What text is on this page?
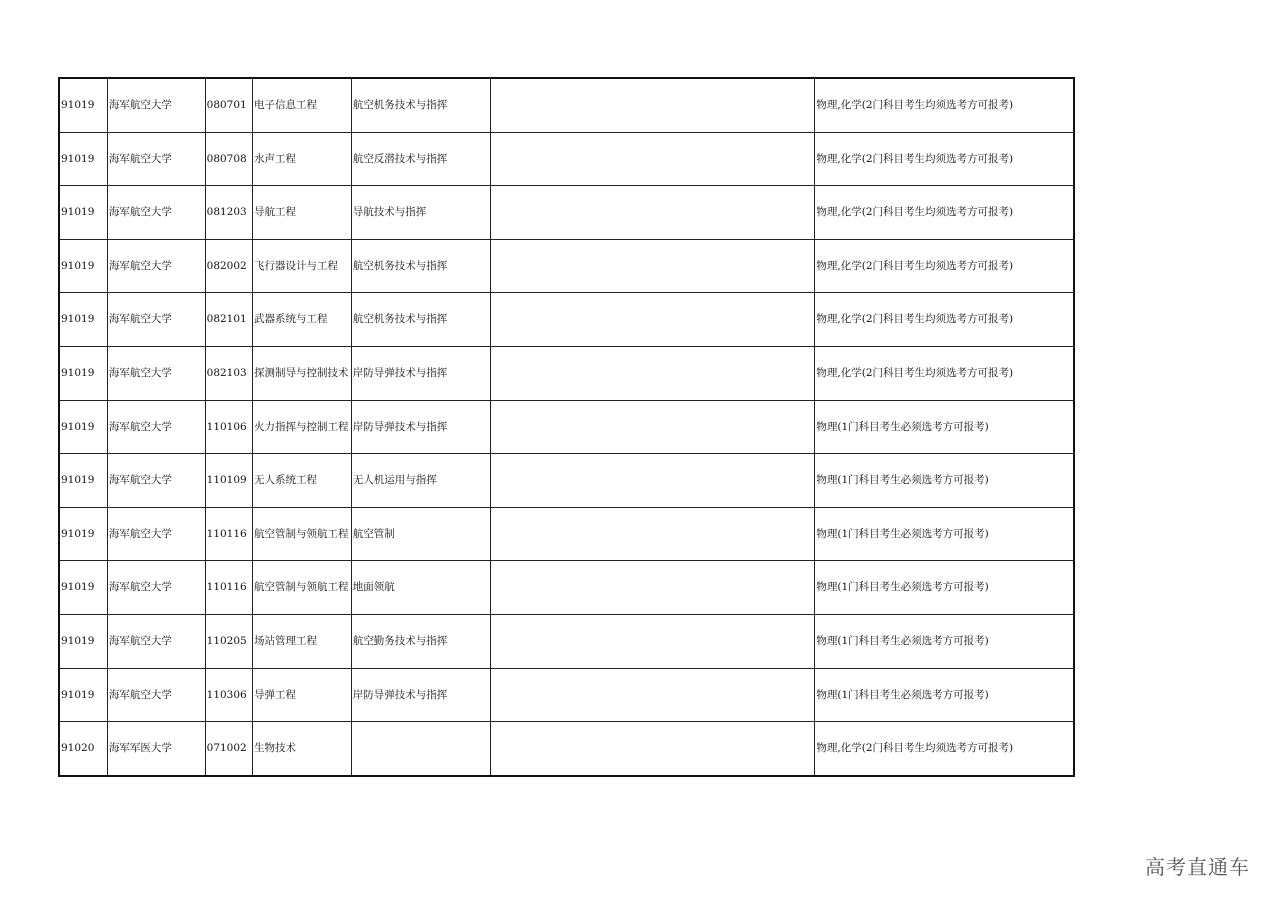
91019	海军航空大学	080701	电子信息工程	航空机务技术与指挥		物理,化学(2门科目考生均须选考方可报考)
91019	海军航空大学	080708	水声工程	航空反潜技术与指挥		物理,化学(2门科目考生均须选考方可报考)
91019	海军航空大学	081203	导航工程	导航技术与指挥		物理,化学(2门科目考生均须选考方可报考)
91019	海军航空大学	082002	飞行器设计与工程	航空机务技术与指挥		物理,化学(2门科目考生均须选考方可报考)
91019	海军航空大学	082101	武器系统与工程	航空机务技术与指挥		物理,化学(2门科目考生均须选考方可报考)
91019	海军航空大学	082103	探测制导与控制技术	岸防导弹技术与指挥		物理,化学(2门科目考生均须选考方可报考)
91019	海军航空大学	110106	火力指挥与控制工程	岸防导弹技术与指挥		物理(1门科目考生必须选考方可报考)
91019	海军航空大学	110109	无人系统工程	无人机运用与指挥		物理(1门科目考生必须选考方可报考)
91019	海军航空大学	110116	航空管制与领航工程	航空管制		物理(1门科目考生必须选考方可报考)
91019	海军航空大学	110116	航空管制与领航工程	地面领航		物理(1门科目考生必须选考方可报考)
91019	海军航空大学	110205	场站管理工程	航空勤务技术与指挥		物理(1门科目考生必须选考方可报考)
91019	海军航空大学	110306	导弹工程	岸防导弹技术与指挥		物理(1门科目考生必须选考方可报考)
91020	海军军医大学	071002	生物技术			物理,化学(2门科目考生均须选考方可报考)
高考直通车
